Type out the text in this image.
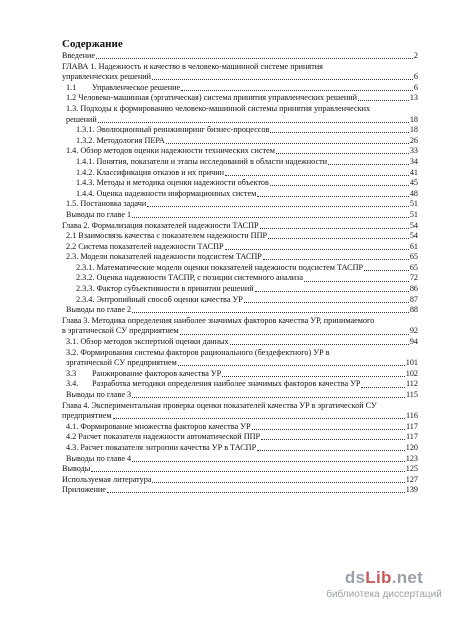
Содержание
Введение	2
ГЛАВА 1. Надежность и качество в человеко-машинной системе принятия
управленческих решений	6
1.1 Управленческое решение	6
1.2 Человеко-машинная (эргатическая) система принятия управленческих решений	13
1.3. Подходы к формированию человеко-машинной системы принятия управленческих
решений	18
1.3.1. Эволюционный реинжиниринг бизнес-процессов	18
1.3.2. Методология ПЕРА	26
1.4. Обзор методов оценки надежности технических систем	33
1.4.1. Понятия, показатели и этапы исследований в области надежности	34
1.4.2. Классификация отказов и их причин	41
1.4.3. Методы и методика оценки надежности объектов	45
1.4.4. Оценка надежности информационных систем	48
1.5. Постановка задачи	51
Выводы по главе 1	51
Глава 2. Формализация показателей надежности ТАСПР	54
2.1 Взаимосвязь качества с показателем надежности ППР	54
2.2 Система показателей надежности ТАСПР	61
2.3. Модели показателей надежности подсистем ТАСПР	65
2.3.1. Математические модели оценки показателей надежности подсистем ТАСПР	65
2.3.2. Оценка надежности ТАСПР, с позиции системного анализа	72
2.3.3. Фактор субъективности в принятии решений	86
2.3.4. Энтропийный способ оценки качества УР	87
Выводы по главе 2	88
Глава 3. Методика определения наиболее значимых факторов качества УР, принимаемого
в эргатической СУ предприятием	92
3.1. Обзор методов экспертной оценки данных	94
3.2. Формирования системы факторов рационального (бездефектного) УР в
эргатической СУ предприятием	101
3.3 Ранжирование факторов качества УР	102
3.4. Разработка методики определения наиболее значимых факторов качества УР	112
Выводы по главе 3	115
Глава 4. Экспериментальная проверка оценки показателей качества УР в эргатической СУ
предприятием	116
4.1. Формирование множества факторов качества УР	117
4.2 Расчет показателя надежности автоматической ППР	117
4.3. Расчет показателя энтропии качества УР в ТАСПР	120
Выводы по главе 4	123
Выводы	125
Используемая литература	127
Приложение	139
dsLib.net
библиотека диссертаций
